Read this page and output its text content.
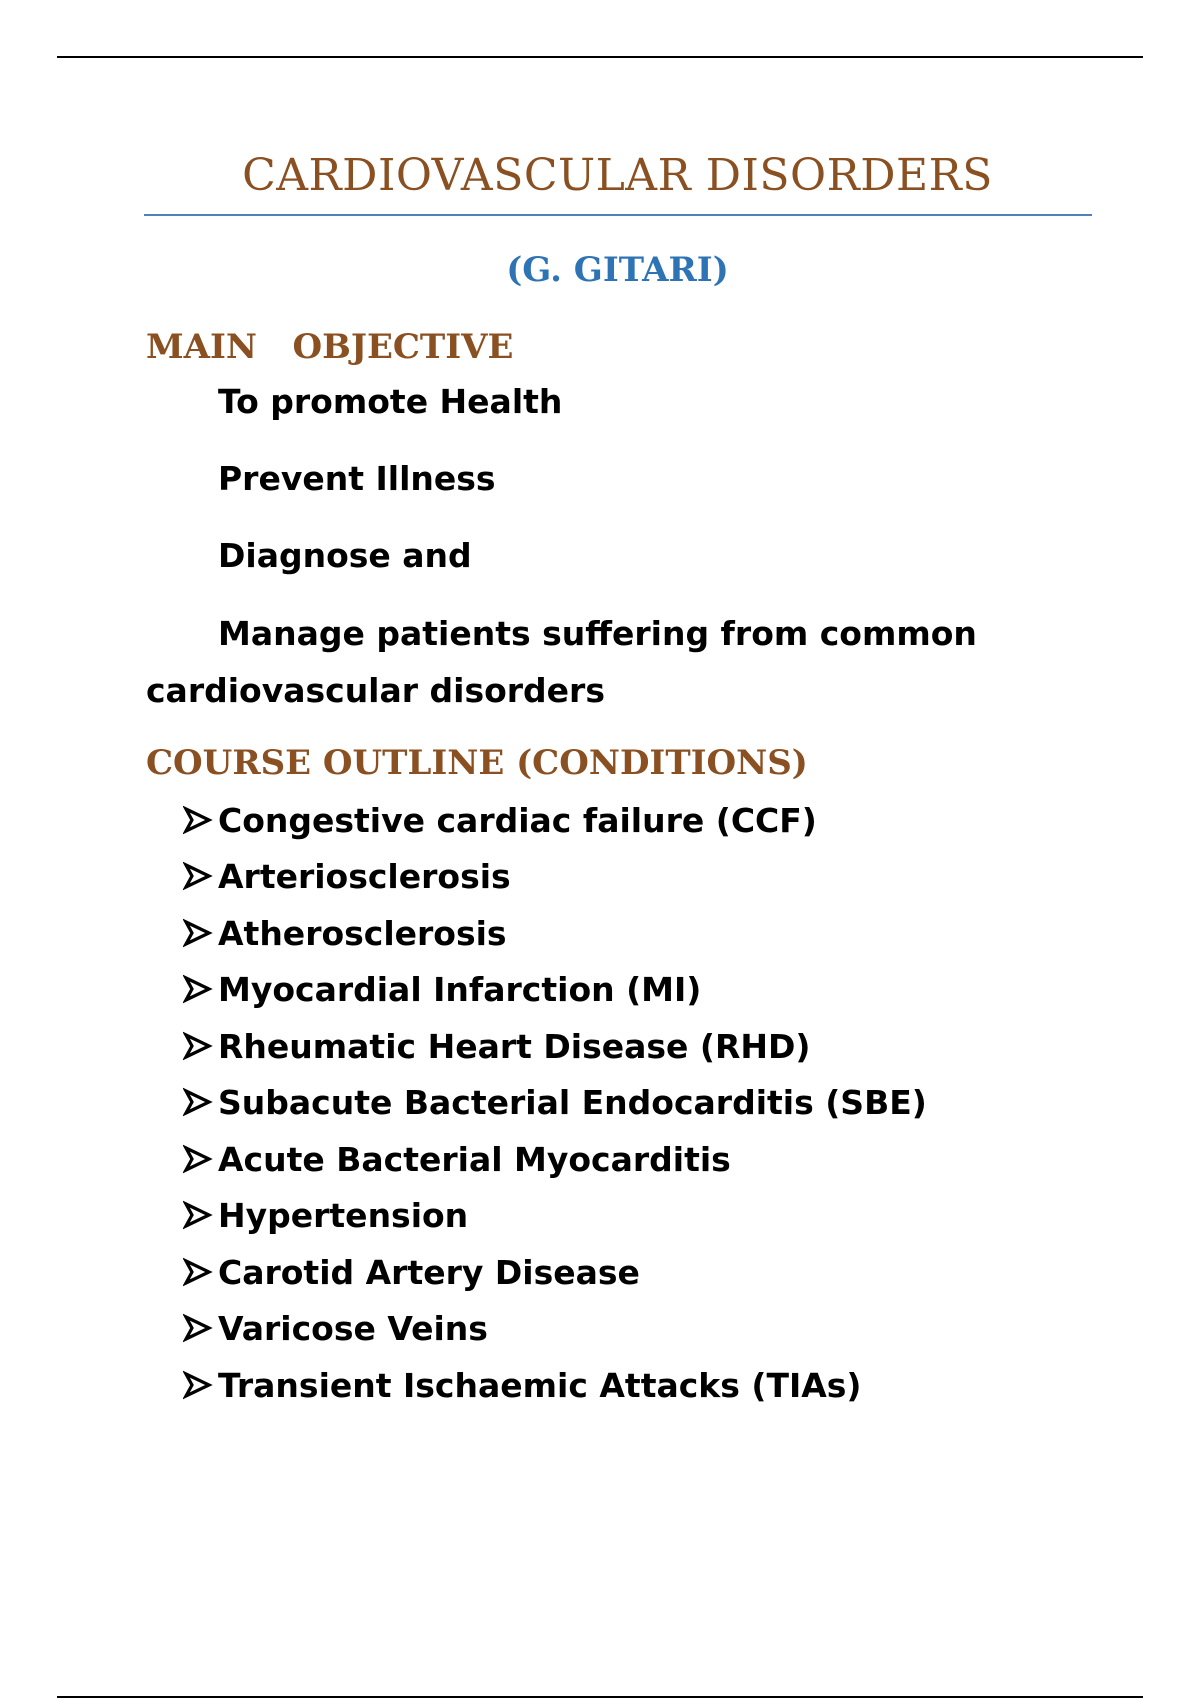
CARDIOVASCULAR DISORDERS
(G. GITARI)
MAIN   OBJECTIVE
To promote Health
Prevent Illness
Diagnose and
Manage patients suffering from common
cardiovascular disorders
COURSE OUTLINE (CONDITIONS)
Congestive cardiac failure (CCF)
Arteriosclerosis
Atherosclerosis
Myocardial Infarction (MI)
Rheumatic Heart Disease (RHD)
Subacute Bacterial Endocarditis (SBE)
Acute Bacterial Myocarditis
Hypertension
Carotid Artery Disease
Varicose Veins
Transient Ischaemic Attacks (TIAs)
